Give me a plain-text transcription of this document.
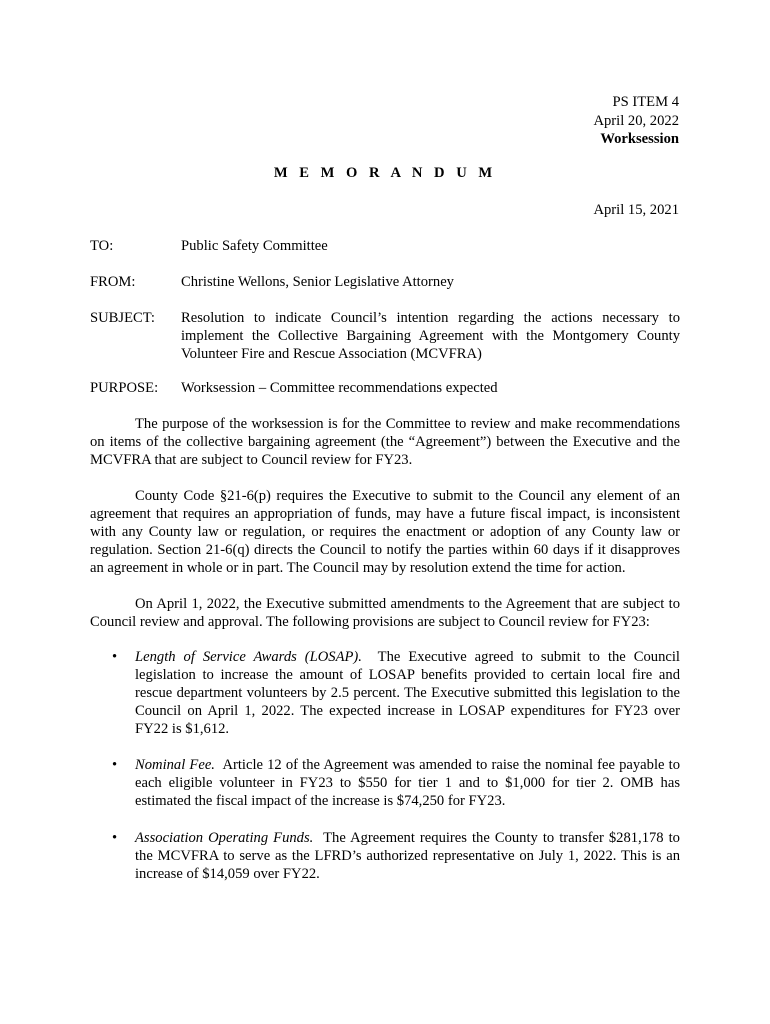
PS ITEM 4
April 20, 2022
Worksession
M E M O R A N D U M
April 15, 2021
TO:	Public Safety Committee
FROM:	Christine Wellons, Senior Legislative Attorney
SUBJECT: Resolution to indicate Council’s intention regarding the actions necessary to implement the Collective Bargaining Agreement with the Montgomery County Volunteer Fire and Rescue Association (MCVFRA)
PURPOSE: Worksession – Committee recommendations expected
The purpose of the worksession is for the Committee to review and make recommendations on items of the collective bargaining agreement (the “Agreement”) between the Executive and the MCVFRA that are subject to Council review for FY23.
County Code §21-6(p) requires the Executive to submit to the Council any element of an agreement that requires an appropriation of funds, may have a future fiscal impact, is inconsistent with any County law or regulation, or requires the enactment or adoption of any County law or regulation. Section 21-6(q) directs the Council to notify the parties within 60 days if it disapproves an agreement in whole or in part. The Council may by resolution extend the time for action.
On April 1, 2022, the Executive submitted amendments to the Agreement that are subject to Council review and approval. The following provisions are subject to Council review for FY23:
• Length of Service Awards (LOSAP). The Executive agreed to submit to the Council legislation to increase the amount of LOSAP benefits provided to certain local fire and rescue department volunteers by 2.5 percent. The Executive submitted this legislation to the Council on April 1, 2022. The expected increase in LOSAP expenditures for FY23 over FY22 is $1,612.
• Nominal Fee. Article 12 of the Agreement was amended to raise the nominal fee payable to each eligible volunteer in FY23 to $550 for tier 1 and to $1,000 for tier 2. OMB has estimated the fiscal impact of the increase is $74,250 for FY23.
• Association Operating Funds. The Agreement requires the County to transfer $281,178 to the MCVFRA to serve as the LFRD’s authorized representative on July 1, 2022. This is an increase of $14,059 over FY22.
